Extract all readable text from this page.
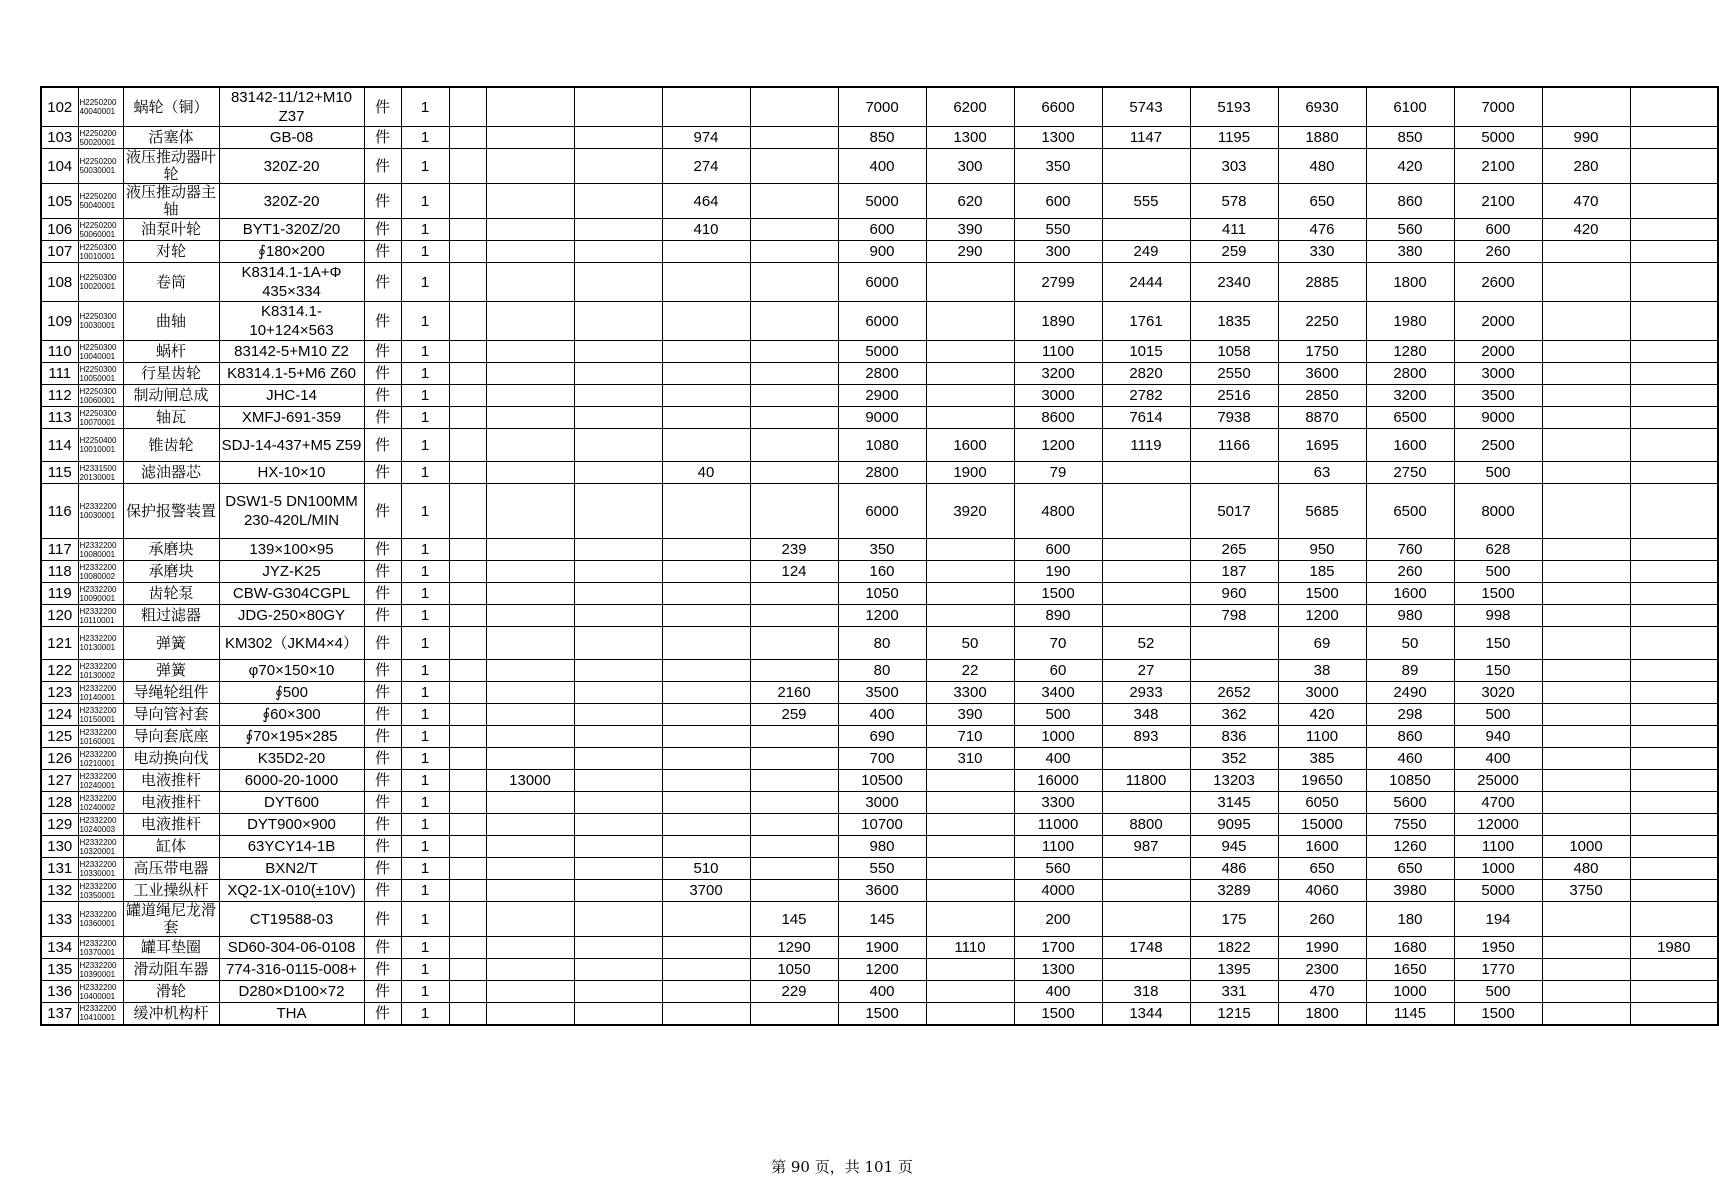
102	H2250200 40040001	蜗轮（铜）	83142-11/12+M10 Z37	件	1						7000	6200	6600	5743	5193	6930	6100	7000		
103	H2250200 50020001	活塞体	GB-08	件	1				974		850	1300	1300	1147	1195	1880	850	5000	990	
104	H2250200 50030001	液压推动器叶轮	320Z-20	件	1				274		400	300	350		303	480	420	2100	280	
105	H2250200 50040001	液压推动器主轴	320Z-20	件	1				464		5000	620	600	555	578	650	860	2100	470	
106	H2250200 50060001	油泵叶轮	BYT1-320Z/20	件	1				410		600	390	550		411	476	560	600	420	
107	H2250300 10010001	对轮	∮180×200	件	1						900	290	300	249	259	330	380	260		
108	H2250300 10020001	卷筒	K8314.1-1A+Φ 435×334	件	1						6000		2799	2444	2340	2885	1800	2600		
109	H2250300 10030001	曲轴	K8314.1- 10+124×563	件	1						6000		1890	1761	1835	2250	1980	2000		
110	H2250300 10040001	蜗杆	83142-5+M10 Z2	件	1						5000		1100	1015	1058	1750	1280	2000		
111	H2250300 10050001	行星齿轮	K8314.1-5+M6 Z60	件	1						2800		3200	2820	2550	3600	2800	3000		
112	H2250300 10060001	制动闸总成	JHC-14	件	1						2900		3000	2782	2516	2850	3200	3500		
113	H2250300 10070001	轴瓦	XMFJ-691-359	件	1						9000		8600	7614	7938	8870	6500	9000		
114	H2250400 10010001	锥齿轮	SDJ-14-437+M5 Z59	件	1						1080	1600	1200	1119	1166	1695	1600	2500		
115	H2331500 20130001	滤油器芯	HX-10×10	件	1				40		2800	1900	79			63	2750	500		
116	H2332200 10030001	保护报警装置	DSW1-5 DN100MM 230-420L/MIN	件	1						6000	3920	4800		5017	5685	6500	8000		
117	H2332200 10080001	承磨块	139×100×95	件	1					239	350		600		265	950	760	628		
118	H2332200 10080002	承磨块	JYZ-K25	件	1					124	160		190		187	185	260	500		
119	H2332200 10090001	齿轮泵	CBW-G304CGPL	件	1						1050		1500		960	1500	1600	1500		
120	H2332200 10110001	粗过滤器	JDG-250×80GY	件	1						1200		890		798	1200	980	998		
121	H2332200 10130001	弹簧	KM302（JKM4×4）	件	1						80	50	70	52		69	50	150		
122	H2332200 10130002	弹簧	φ70×150×10	件	1						80	22	60	27		38	89	150		
123	H2332200 10140001	导绳轮组件	∮500	件	1					2160	3500	3300	3400	2933	2652	3000	2490	3020		
124	H2332200 10150001	导向管衬套	∮60×300	件	1					259	400	390	500	348	362	420	298	500		
125	H2332200 10160001	导向套底座	∮70×195×285	件	1						690	710	1000	893	836	1100	860	940		
126	H2332200 10210001	电动换向伐	K35D2-20	件	1						700	310	400		352	385	460	400		
127	H2332200 10240001	电液推杆	6000-20-1000	件	1		13000				10500		16000	11800	13203	19650	10850	25000		
128	H2332200 10240002	电液推杆	DYT600	件	1						3000		3300		3145	6050	5600	4700		
129	H2332200 10240003	电液推杆	DYT900×900	件	1						10700		11000	8800	9095	15000	7550	12000		
130	H2332200 10320001	缸体	63YCY14-1B	件	1						980		1100	987	945	1600	1260	1100	1000	
131	H2332200 10330001	高压带电器	BXN2/T	件	1				510		550		560		486	650	650	1000	480	
132	H2332200 10350001	工业操纵杆	XQ2-1X-010(±10V)	件	1				3700		3600		4000		3289	4060	3980	5000	3750	
133	H2332200 10360001	罐道绳尼龙滑套	CT19588-03	件	1					145	145		200		175	260	180	194		
134	H2332200 10370001	罐耳垫圈	SD60-304-06-0108	件	1					1290	1900	1110	1700	1748	1822	1990	1680	1950		1980
135	H2332200 10390001	滑动阻车器	774-316-0115-008+	件	1					1050	1200		1300		1395	2300	1650	1770		
136	H2332200 10400001	滑轮	D280×D100×72	件	1					229	400		400	318	331	470	1000	500		
137	H2332200 10410001	缓冲机构杆	THA	件	1						1500		1500	1344	1215	1800	1145	1500		
第 90 页，共 101 页
